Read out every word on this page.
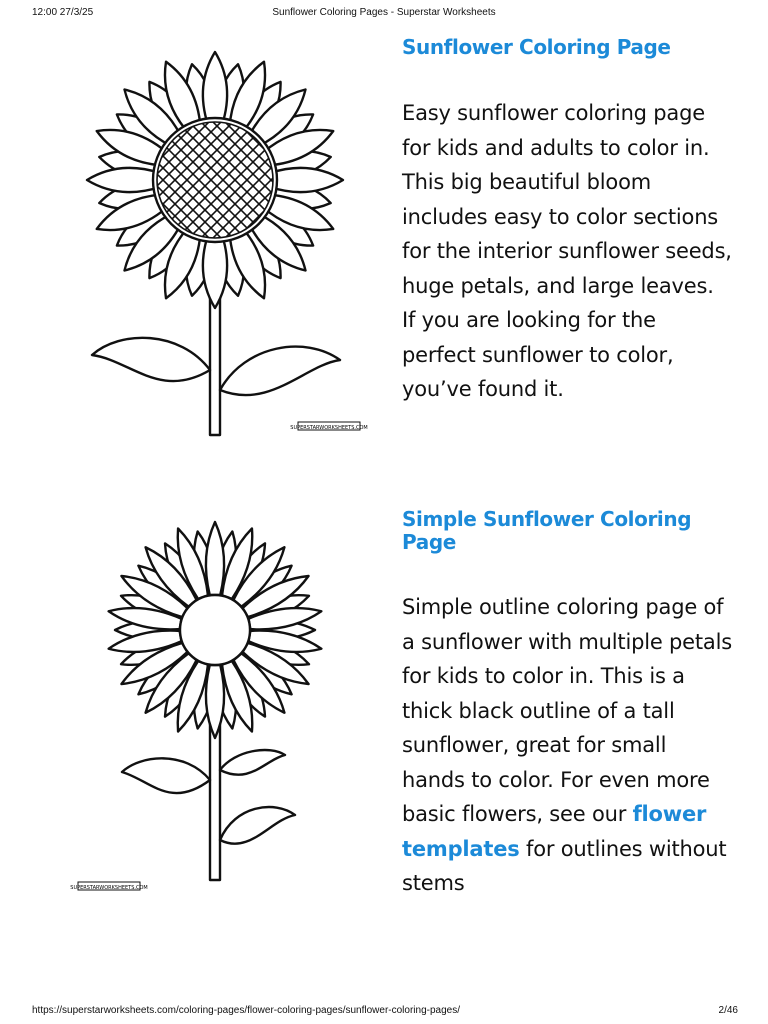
12:00 27/3/25	Sunflower Coloring Pages - Superstar Worksheets
SUPERSTARWORKSHEETS.COM
Sunflower Coloring Page

Easy sunflower coloring page for kids and adults to color in. This big beautiful bloom includes easy to color sections for the interior sunflower seeds, huge petals, and large leaves. If you are looking for the perfect sunflower to color, you’ve found it.

SUPERSTARWORKSHEETS.COM
Simple Sunflower Coloring Page

Simple outline coloring page of a sunflower with multiple petals for kids to color in. This is a thick black outline of a tall sunflower, great for small hands to color. For even more basic flowers, see our flower templates for outlines without stems

https://superstarworksheets.com/coloring-pages/flower-coloring-pages/sunflower-coloring-pages/	2/46
